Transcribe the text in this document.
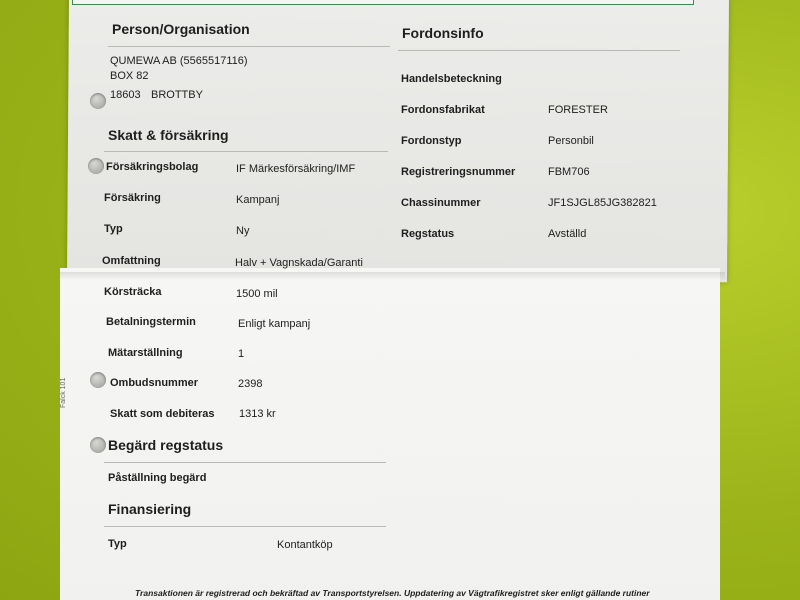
Person/Organisation
QUMEWA AB (5565517116)
BOX 82
18603 BROTTBY
Fordonsinfo
Handelsbeteckning
Fordonsfabrikat	FORESTER
Fordonstyp	Personbil
Registreringsnummer	FBM706
Chassinummer	JF1SJGL85JG382821
Regstatus	Avställd
Skatt & försäkring
Försäkringsbolag	IF Märkesförsäkring/IMF
Försäkring	Kampanj
Typ	Ny
Omfattning	Halv + Vagnskada/Garanti
Körsträcka	1500 mil
Betalningstermin	Enligt kampanj
Mätarställning	1
Ombudsnummer	2398
Skatt som debiteras 1313 kr
Falck 101
Begärd regstatus
Påställning begärd
Finansiering
Typ	Kontantköp
Transaktionen är registrerad och bekräftad av Transportstyrelsen. Uppdatering av Vägtrafikregistret sker enligt gällande rutiner
